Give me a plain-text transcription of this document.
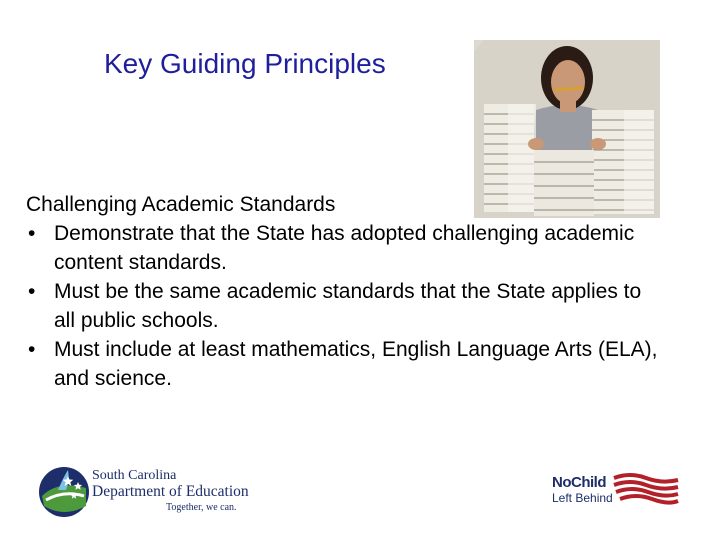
Key Guiding Principles

Challenging Academic Standards

• Demonstrate that the State has adopted challenging academic content standards.
• Must be the same academic standards that the State applies to all public schools.
• Must include at least mathematics, English Language Arts (ELA), and science.
South Carolina
Department of Education
Together, we can.
NoChild
Left Behind
